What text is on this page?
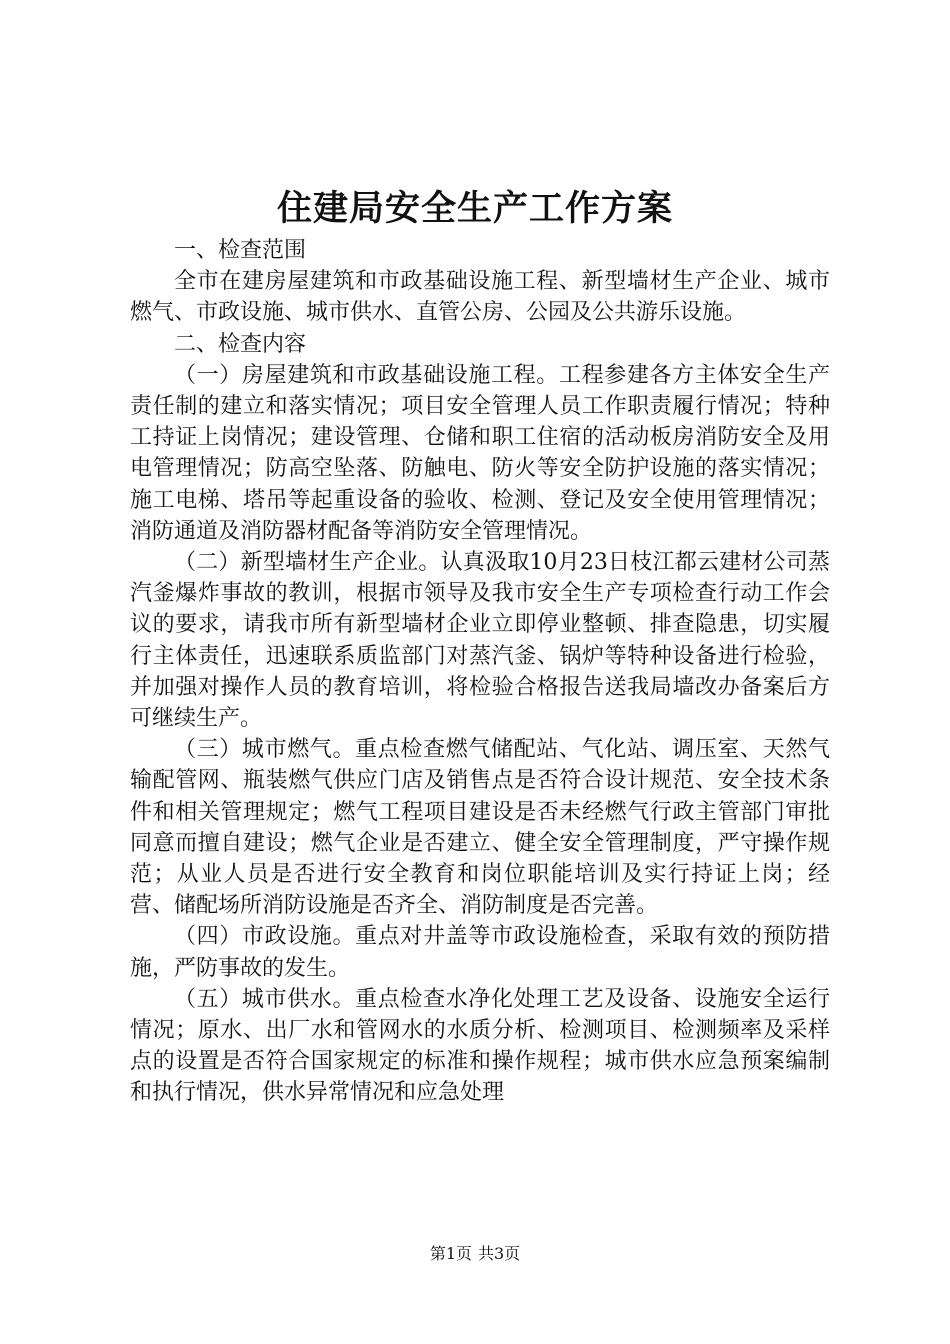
住建局安全生产工作方案

一、检查范围

全市在建房屋建筑和市政基础设施工程、新型墙材生产企业、城市燃气、市政设施、城市供水、直管公房、公园及公共游乐设施。

二、检查内容

（一）房屋建筑和市政基础设施工程。工程参建各方主体安全生产责任制的建立和落实情况；项目安全管理人员工作职责履行情况；特种工持证上岗情况；建设管理、仓储和职工住宿的活动板房消防安全及用电管理情况；防高空坠落、防触电、防火等安全防护设施的落实情况；施工电梯、塔吊等起重设备的验收、检测、登记及安全使用管理情况；消防通道及消防器材配备等消防安全管理情况。

（二）新型墙材生产企业。认真汲取10月23日枝江都云建材公司蒸汽釜爆炸事故的教训，根据市领导及我市安全生产专项检查行动工作会议的要求，请我市所有新型墙材企业立即停业整顿、排查隐患，切实履行主体责任，迅速联系质监部门对蒸汽釜、锅炉等特种设备进行检验，并加强对操作人员的教育培训，将检验合格报告送我局墙改办备案后方可继续生产。

（三）城市燃气。重点检查燃气储配站、气化站、调压室、天然气输配管网、瓶装燃气供应门店及销售点是否符合设计规范、安全技术条件和相关管理规定；燃气工程项目建设是否未经燃气行政主管部门审批同意而擅自建设；燃气企业是否建立、健全安全管理制度，严守操作规范；从业人员是否进行安全教育和岗位职能培训及实行持证上岗；经营、储配场所消防设施是否齐全、消防制度是否完善。

（四）市政设施。重点对井盖等市政设施检查，采取有效的预防措施，严防事故的发生。

（五）城市供水。重点检查水净化处理工艺及设备、设施安全运行情况；原水、出厂水和管网水的水质分析、检测项目、检测频率及采样点的设置是否符合国家规定的标准和操作规程；城市供水应急预案编制和执行情况，供水异常情况和应急处理

第1页 共3页
